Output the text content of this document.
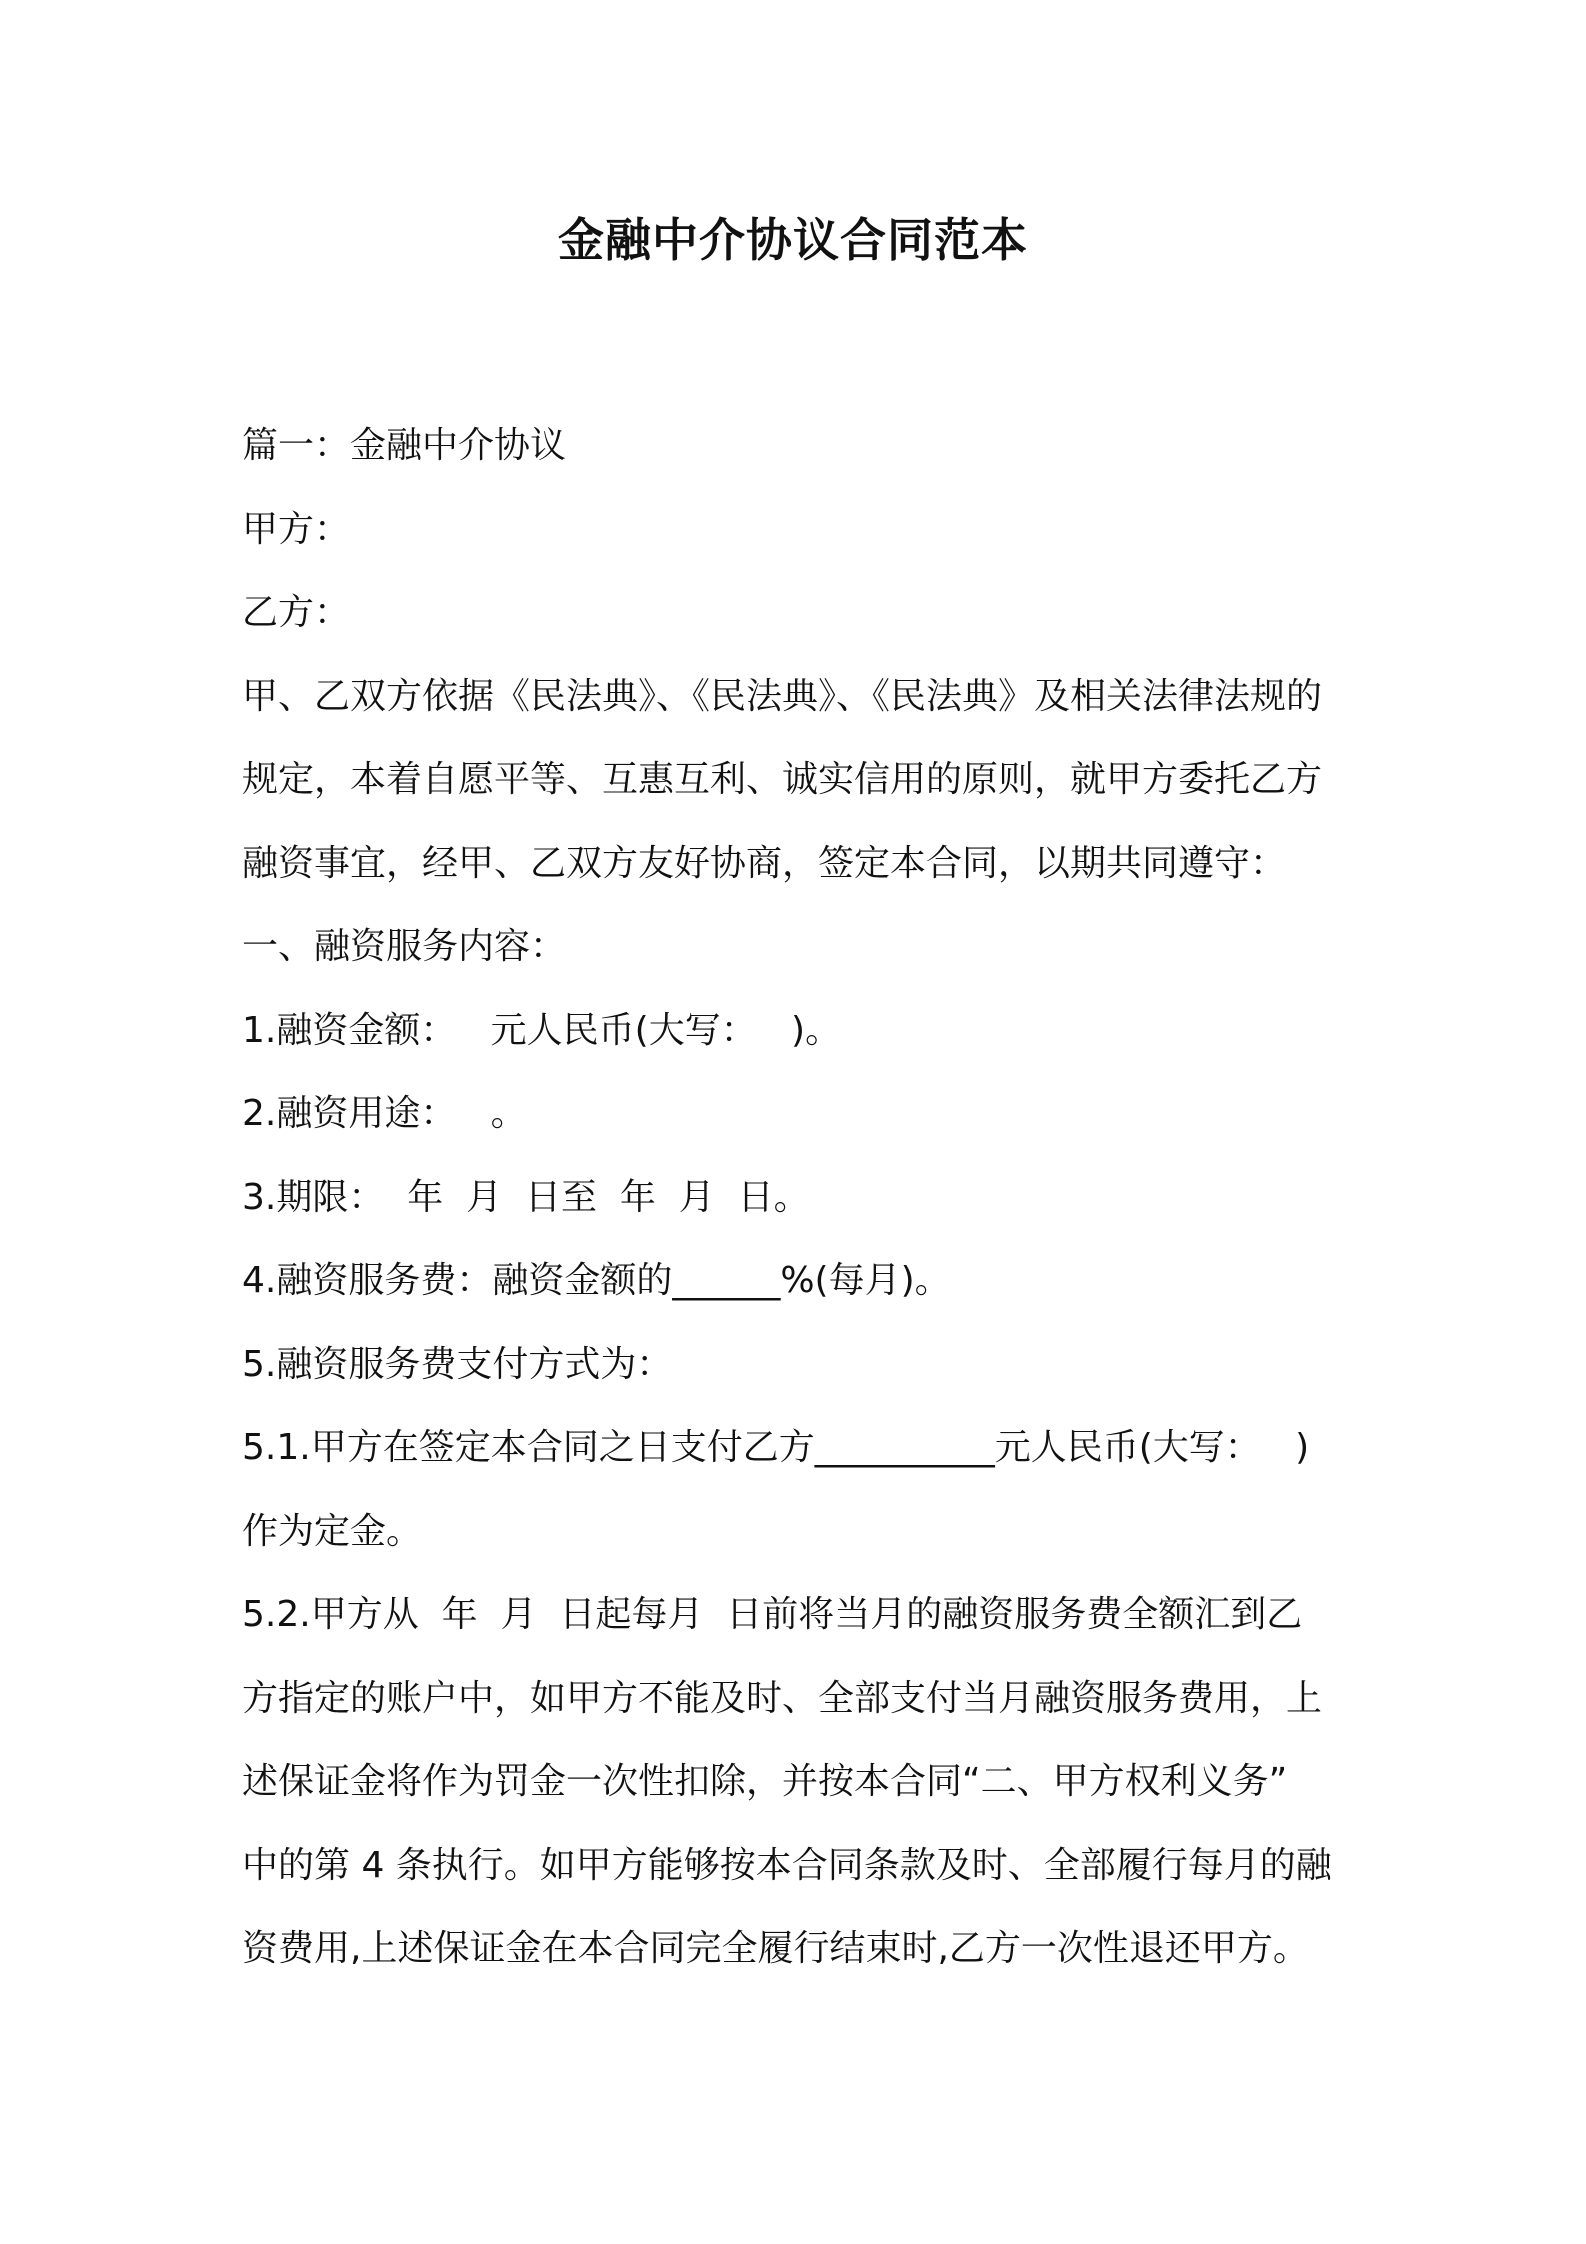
金融中介协议合同范本
篇一：金融中介协议
甲方：
乙方：
甲、乙双方依据《民法典》、《民法典》、《民法典》及相关法律法规的
规定，本着自愿平等、互惠互利、诚实信用的原则，就甲方委托乙方
融资事宜，经甲、乙双方友好协商，签定本合同，以期共同遵守：
一、融资服务内容：
1.融资金额：   元人民币(大写：   )。
2.融资用途：   。
3.期限：  年  月  日至  年  月  日。
4.融资服务费：融资金额的______%(每月)。
5.融资服务费支付方式为：
5.1.甲方在签定本合同之日支付乙方__________元人民币(大写：   )
作为定金。
5.2.甲方从  年  月  日起每月  日前将当月的融资服务费全额汇到乙
方指定的账户中，如甲方不能及时、全部支付当月融资服务费用，上
述保证金将作为罚金一次性扣除，并按本合同“二、甲方权利义务”
中的第 4 条执行。如甲方能够按本合同条款及时、全部履行每月的融
资费用,上述保证金在本合同完全履行结束时,乙方一次性退还甲方。
